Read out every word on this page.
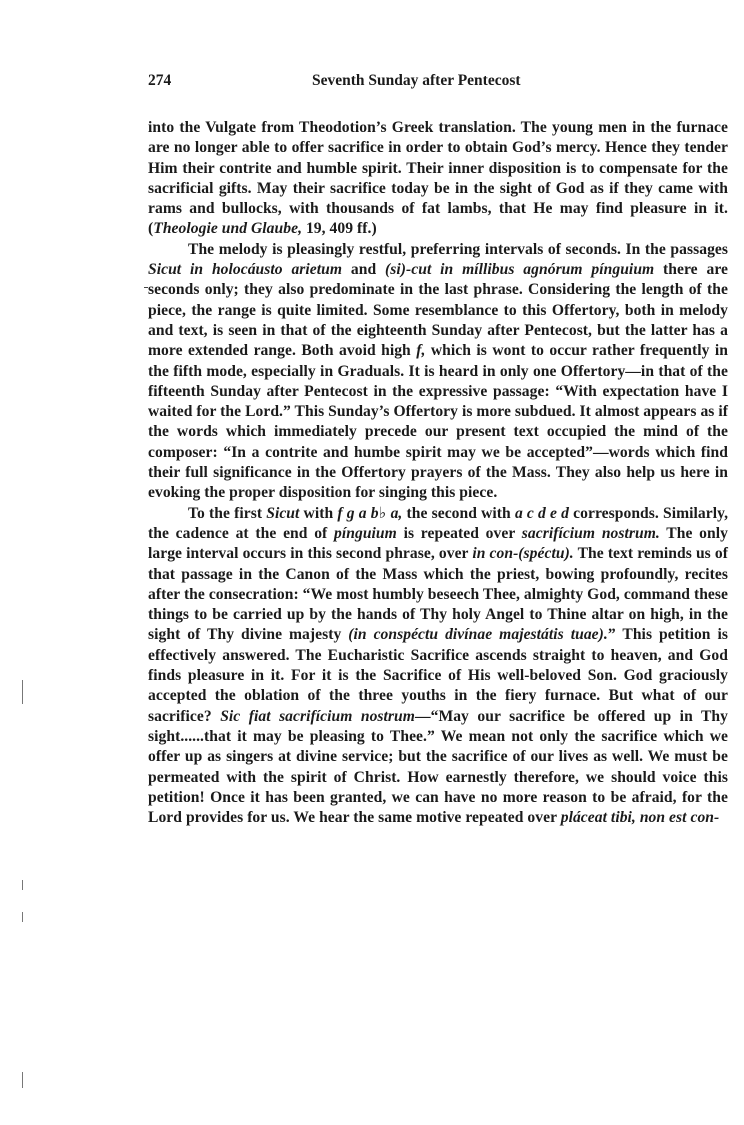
274	Seventh Sunday after Pentecost

into the Vulgate from Theodotion’s Greek translation. The young men in the furnace are no longer able to offer sacrifice in order to obtain God’s mercy. Hence they tender Him their contrite and humble spirit. Their inner disposition is to compensate for the sacrificial gifts. May their sacrifice today be in the sight of God as if they came with rams and bullocks, with thousands of fat lambs, that He may find pleasure in it. (Theologie und Glaube, 19, 409 ff.)

The melody is pleasingly restful, preferring intervals of seconds. In the passages Sicut in holocáusto arietum and (si)-cut in míllibus agnórum pínguium there are seconds only; they also predominate in the last phrase. Considering the length of the piece, the range is quite limited. Some resemblance to this Offertory, both in melody and text, is seen in that of the eighteenth Sunday after Pentecost, but the latter has a more extended range. Both avoid high f, which is wont to occur rather frequently in the fifth mode, especially in Graduals. It is heard in only one Offertory—in that of the fifteenth Sunday after Pentecost in the expressive passage: “With expectation have I waited for the Lord.” This Sunday’s Offertory is more subdued. It almost appears as if the words which immediately precede our present text occupied the mind of the composer: “In a contrite and humbe spirit may we be accepted”—words which find their full significance in the Offertory prayers of the Mass. They also help us here in evoking the proper disposition for singing this piece.

To the first Sicut with f g a b♭ a, the second with a c d e d corresponds. Similarly, the cadence at the end of pínguium is repeated over sacrifícium nostrum. The only large interval occurs in this second phrase, over in con-(spéctu). The text reminds us of that passage in the Canon of the Mass which the priest, bowing profoundly, recites after the consecration: “We most humbly beseech Thee, almighty God, command these things to be carried up by the hands of Thy holy Angel to Thine altar on high, in the sight of Thy divine majesty (in conspéctu divínae majestátis tuae).” This petition is effectively answered. The Eucharistic Sacrifice ascends straight to heaven, and God finds pleasure in it. For it is the Sacrifice of His well-beloved Son. God graciously accepted the oblation of the three youths in the fiery furnace. But what of our sacrifice? Sic fiat sacrifícium nostrum—“May our sacrifice be offered up in Thy sight......that it may be pleasing to Thee.” We mean not only the sacrifice which we offer up as singers at divine service; but the sacrifice of our lives as well. We must be permeated with the spirit of Christ. How earnestly therefore, we should voice this petition! Once it has been granted, we can have no more reason to be afraid, for the Lord provides for us. We hear the same motive repeated over pláceat tibi, non est con-
